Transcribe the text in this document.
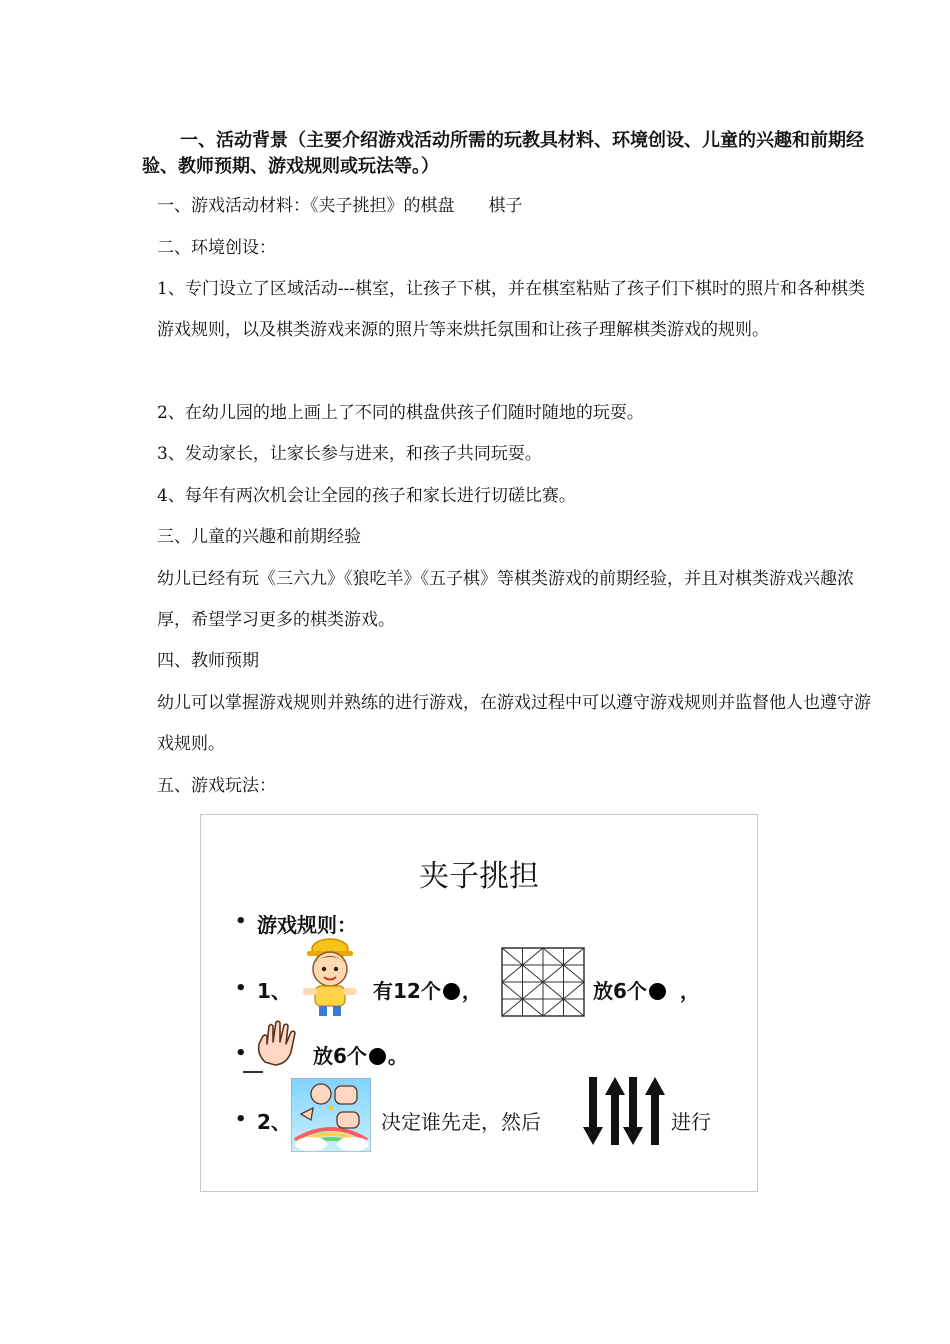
一、活动背景（主要介绍游戏活动所需的玩教具材料、环境创设、儿童的兴趣和前期经验、教师预期、游戏规则或玩法等。）

一、游戏活动材料：《夹子挑担》的棋盘　　棋子

二、环境创设：

1、专门设立了区域活动---棋室，让孩子下棋，并在棋室粘贴了孩子们下棋时的照片和各种棋类游戏规则，以及棋类游戏来源的照片等来烘托氛围和让孩子理解棋类游戏的规则。

2、在幼儿园的地上画上了不同的棋盘供孩子们随时随地的玩耍。

3、发动家长，让家长参与进来，和孩子共同玩耍。

4、每年有两次机会让全园的孩子和家长进行切磋比赛。

三、儿童的兴趣和前期经验

幼儿已经有玩《三六九》《狼吃羊》《五子棋》等棋类游戏的前期经验，并且对棋类游戏兴趣浓厚，希望学习更多的棋类游戏。

四、教师预期

幼儿可以掌握游戏规则并熟练的进行游戏，在游戏过程中可以遵守游戏规则并监督他人也遵守游戏规则。

五、游戏玩法：

夹子挑担

• 游戏规则：
• 1、	有12个 ，	放6个 ，
•	放6个 。
• 2、	决定谁先走，然后	进行
